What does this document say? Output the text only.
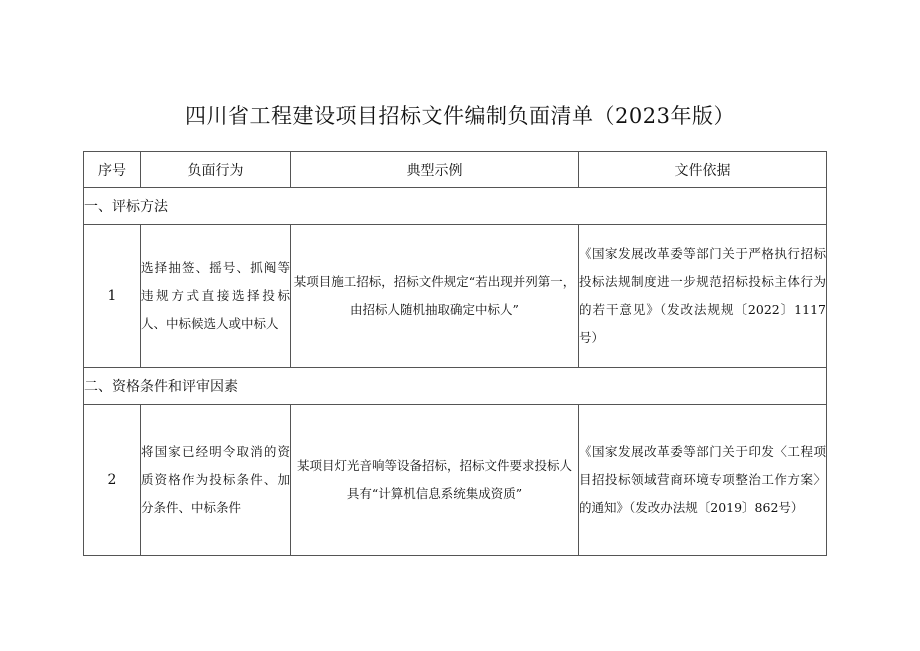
四川省工程建设项目招标文件编制负面清单（2023年版）
序号	负面行为	典型示例	文件依据
一、评标方法			
1	选择抽签、摇号、抓阄等违规方式直接选择投标人、中标候选人或中标人	某项目施工招标，招标文件规定“若出现并列第一，由招标人随机抽取确定中标人”	《国家发展改革委等部门关于严格执行招标投标法规制度进一步规范招标投标主体行为的若干意见》（发改法规规〔2022〕1117号）
二、资格条件和评审因素			
2	将国家已经明令取消的资质资格作为投标条件、加分条件、中标条件	某项目灯光音响等设备招标，招标文件要求投标人具有“计算机信息系统集成资质”	《国家发展改革委等部门关于印发〈工程项目招投标领域营商环境专项整治工作方案〉的通知》（发改办法规〔2019〕862号）
